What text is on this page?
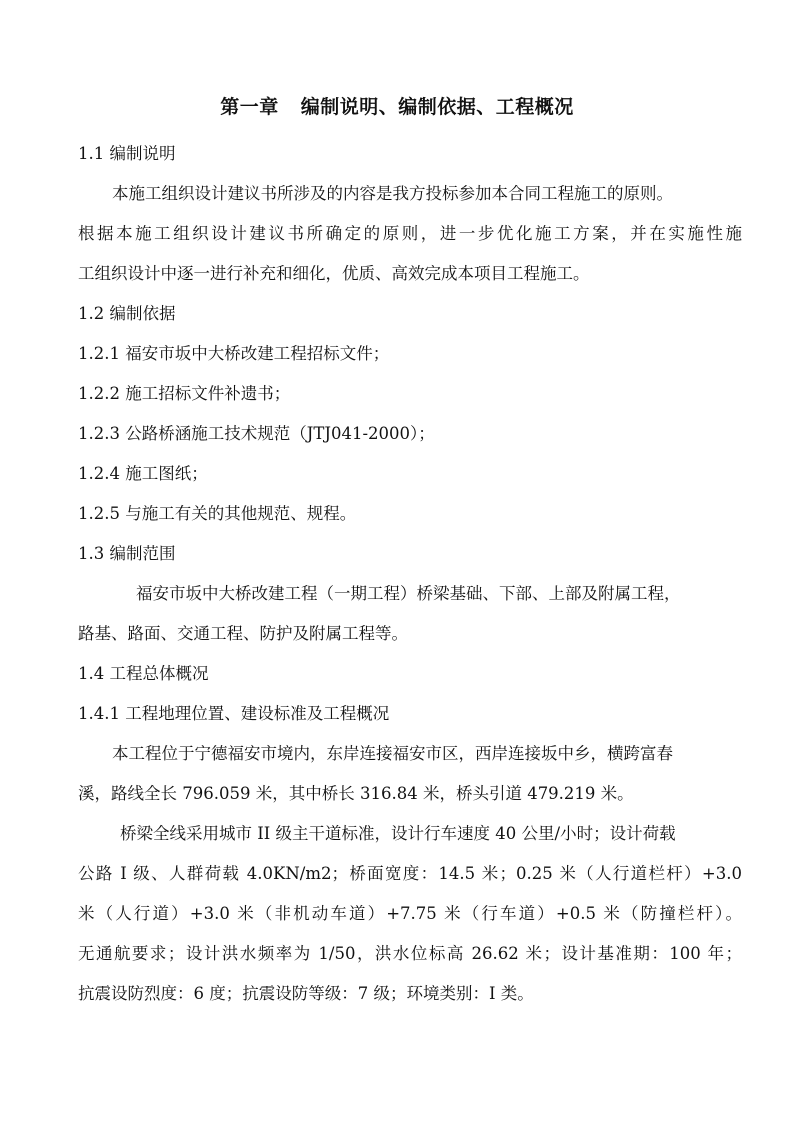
第一章 编制说明、编制依据、工程概况
1.1 编制说明
本施工组织设计建议书所涉及的内容是我方投标参加本合同工程施工的原则。
根据本施工组织设计建议书所确定的原则，进一步优化施工方案，并在实施性施
工组织设计中逐一进行补充和细化，优质、高效完成本项目工程施工。
1.2 编制依据
1.2.1 福安市坂中大桥改建工程招标文件；
1.2.2 施工招标文件补遗书；
1.2.3 公路桥涵施工技术规范（JTJ041-2000）；
1.2.4 施工图纸；
1.2.5 与施工有关的其他规范、规程。
1.3 编制范围
福安市坂中大桥改建工程（一期工程）桥梁基础、下部、上部及附属工程，
路基、路面、交通工程、防护及附属工程等。
1.4 工程总体概况
1.4.1 工程地理位置、建设标准及工程概况
本工程位于宁德福安市境内，东岸连接福安市区，西岸连接坂中乡，横跨富春
溪，路线全长 796.059 米，其中桥长 316.84 米，桥头引道 479.219 米。
桥梁全线采用城市 II 级主干道标准，设计行车速度 40 公里/小时；设计荷载
公路 I 级、人群荷载 4.0KN/m2；桥面宽度：14.5 米；0.25 米（人行道栏杆）+3.0
米（人行道）+3.0 米（非机动车道）+7.75 米（行车道）+0.5 米（防撞栏杆）。
无通航要求；设计洪水频率为 1/50，洪水位标高 26.62 米；设计基准期：100 年；
抗震设防烈度：6 度；抗震设防等级：7 级；环境类别：I 类。
